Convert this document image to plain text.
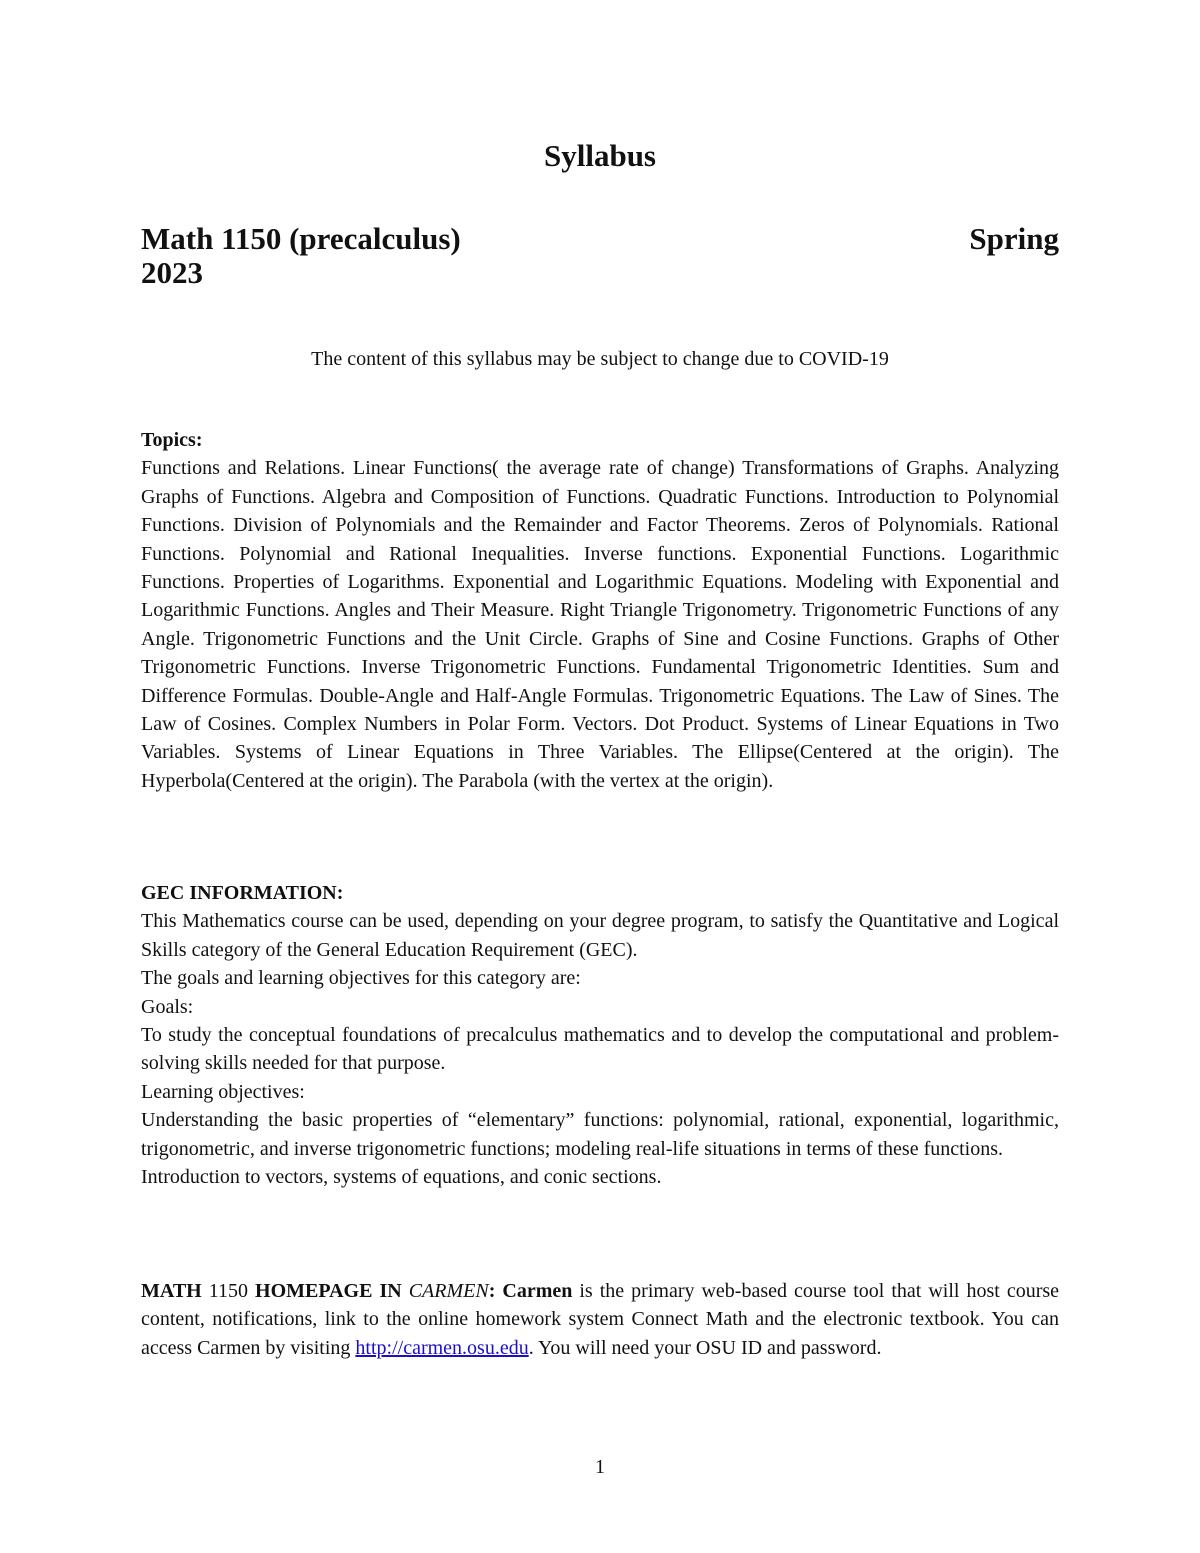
Syllabus
Math 1150 (precalculus)	Spring
2023

The content of this syllabus may be subject to change due to COVID-19

Topics:

Functions and Relations. Linear Functions( the average rate of change) Transformations of Graphs. Analyzing Graphs of Functions. Algebra and Composition of Functions. Quadratic Functions. Introduction to Polynomial Functions. Division of Polynomials and the Remainder and Factor Theorems. Zeros of Polynomials. Rational Functions. Polynomial and Rational Inequalities. Inverse functions. Exponential Functions. Logarithmic Functions. Properties of Logarithms. Exponential and Logarithmic Equations. Modeling with Exponential and Logarithmic Functions. Angles and Their Measure. Right Triangle Trigonometry. Trigonometric Functions of any Angle. Trigonometric Functions and the Unit Circle. Graphs of Sine and Cosine Functions. Graphs of Other Trigonometric Functions. Inverse Trigonometric Functions. Fundamental Trigonometric Identities. Sum and Difference Formulas. Double-Angle and Half-Angle Formulas. Trigonometric Equations. The Law of Sines. The Law of Cosines. Complex Numbers in Polar Form. Vectors. Dot Product. Systems of Linear Equations in Two Variables. Systems of Linear Equations in Three Variables. The Ellipse(Centered at the origin). The Hyperbola(Centered at the origin). The Parabola (with the vertex at the origin).

GEC INFORMATION:

This Mathematics course can be used, depending on your degree program, to satisfy the Quantitative and Logical Skills category of the General Education Requirement (GEC).

The goals and learning objectives for this category are:

Goals:

To study the conceptual foundations of precalculus mathematics and to develop the computational and problem-solving skills needed for that purpose.

Learning objectives:

Understanding the basic properties of “elementary” functions: polynomial, rational, exponential, logarithmic, trigonometric, and inverse trigonometric functions; modeling real-life situations in terms of these functions.

Introduction to vectors, systems of equations, and conic sections.

MATH 1150 HOMEPAGE IN CARMEN: Carmen is the primary web-based course tool that will host course content, notifications, link to the online homework system Connect Math and the electronic textbook. You can access Carmen by visiting http://carmen.osu.edu. You will need your OSU ID and password.

1
